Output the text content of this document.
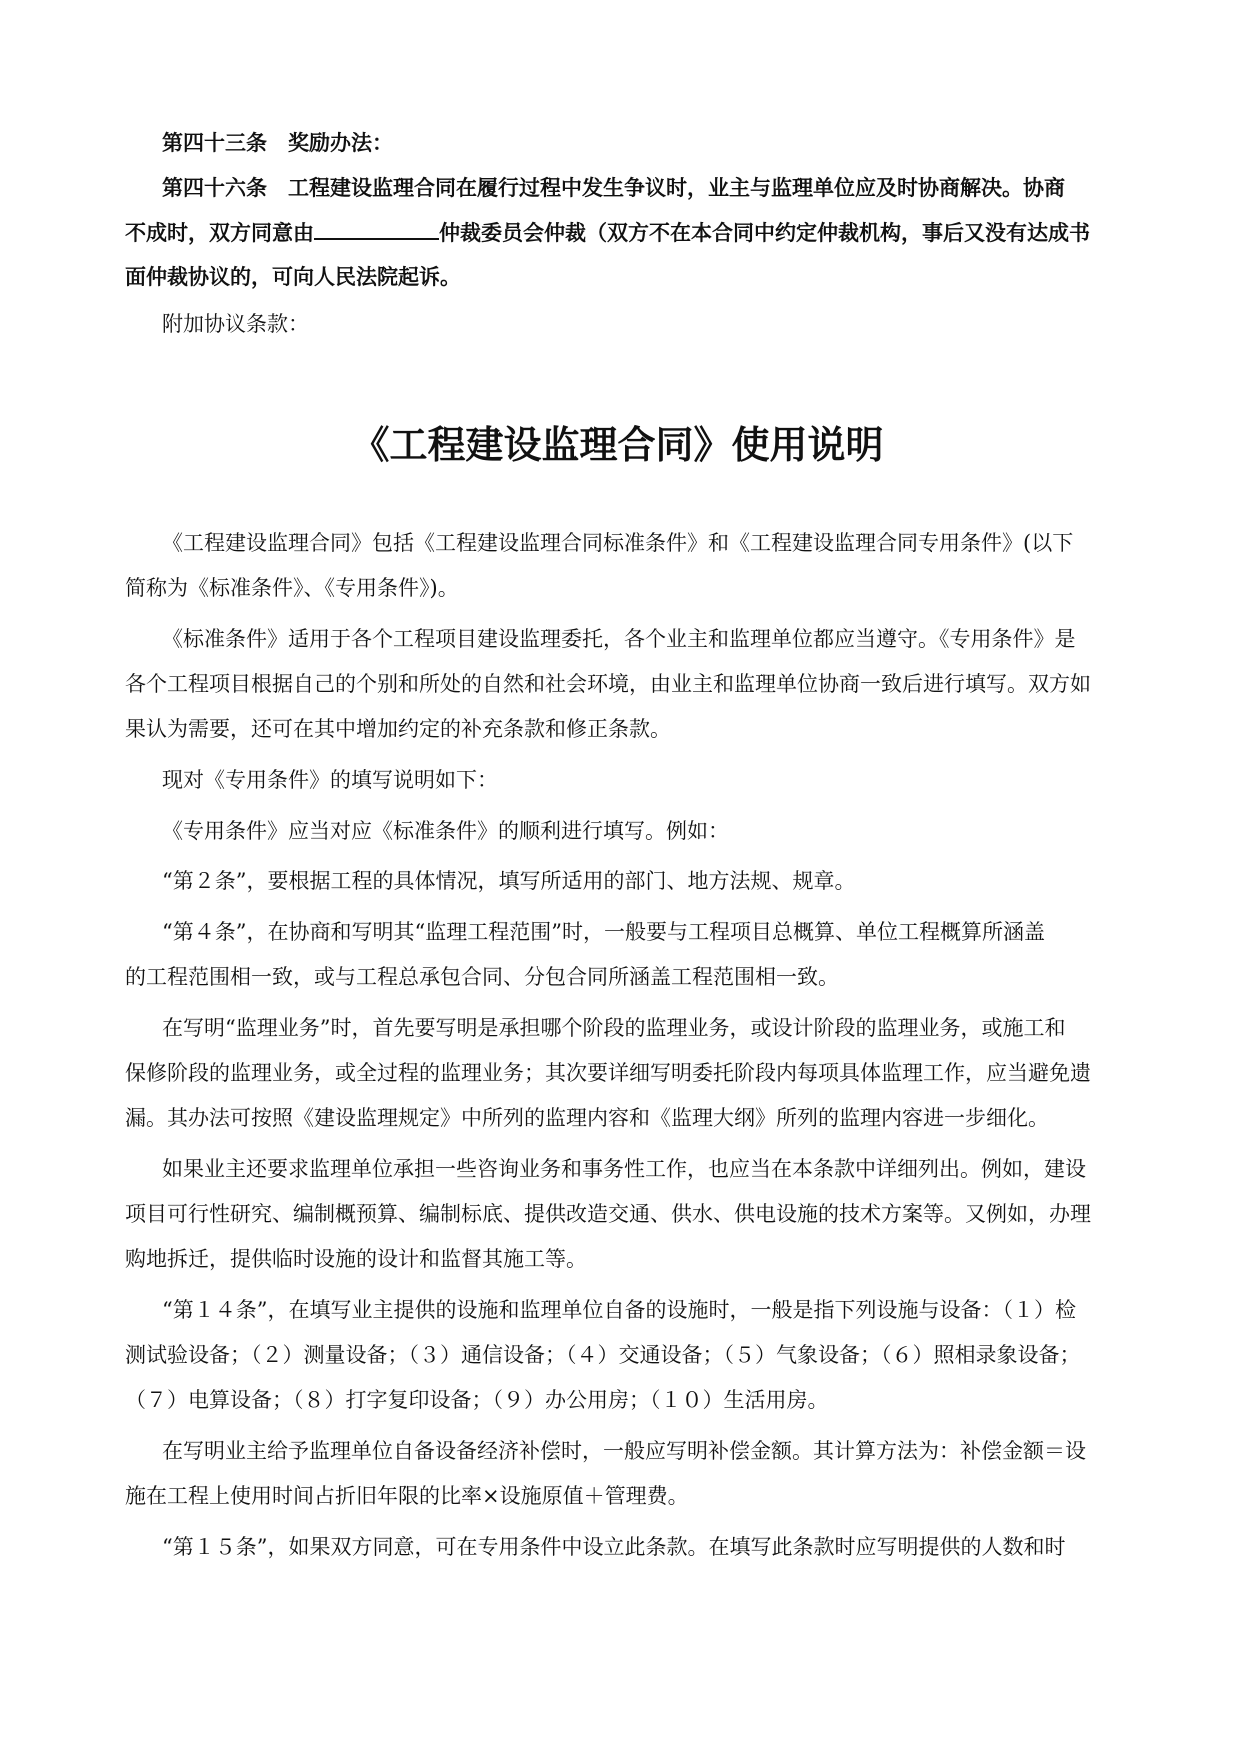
第四十三条　奖励办法：
第四十六条　工程建设监理合同在履行过程中发生争议时，业主与监理单位应及时协商解决。协商
不成时，双方同意由	仲裁委员会仲裁（双方不在本合同中约定仲裁机构，事后又没有达成书
面仲裁协议的，可向人民法院起诉。
附加协议条款：
《工程建设监理合同》使用说明
《工程建设监理合同》包括《工程建设监理合同标准条件》和《工程建设监理合同专用条件》(以下
简称为《标准条件》、《专用条件》)。
《标准条件》适用于各个工程项目建设监理委托，各个业主和监理单位都应当遵守。《专用条件》是
各个工程项目根据自己的个别和所处的自然和社会环境，由业主和监理单位协商一致后进行填写。双方如
果认为需要，还可在其中增加约定的补充条款和修正条款。
现对《专用条件》的填写说明如下：
《专用条件》应当对应《标准条件》的顺利进行填写。例如：
“第２条”，要根据工程的具体情况，填写所适用的部门、地方法规、规章。
“第４条”，在协商和写明其“监理工程范围”时，一般要与工程项目总概算、单位工程概算所涵盖
的工程范围相一致，或与工程总承包合同、分包合同所涵盖工程范围相一致。
在写明“监理业务”时，首先要写明是承担哪个阶段的监理业务，或设计阶段的监理业务，或施工和
保修阶段的监理业务，或全过程的监理业务；其次要详细写明委托阶段内每项具体监理工作，应当避免遗
漏。其办法可按照《建设监理规定》中所列的监理内容和《监理大纲》所列的监理内容进一步细化。
如果业主还要求监理单位承担一些咨询业务和事务性工作，也应当在本条款中详细列出。例如，建设
项目可行性研究、编制概预算、编制标底、提供改造交通、供水、供电设施的技术方案等。又例如，办理
购地拆迁，提供临时设施的设计和监督其施工等。
“第１４条”，在填写业主提供的设施和监理单位自备的设施时，一般是指下列设施与设备：（１）检
测试验设备；（２）测量设备；（３）通信设备；（４）交通设备；（５）气象设备；（６）照相录象设备；
（７）电算设备；（８）打字复印设备；（９）办公用房；（１０）生活用房。
在写明业主给予监理单位自备设备经济补偿时，一般应写明补偿金额。其计算方法为：补偿金额＝设
施在工程上使用时间占折旧年限的比率×设施原值＋管理费。
“第１５条”，如果双方同意，可在专用条件中设立此条款。在填写此条款时应写明提供的人数和时
